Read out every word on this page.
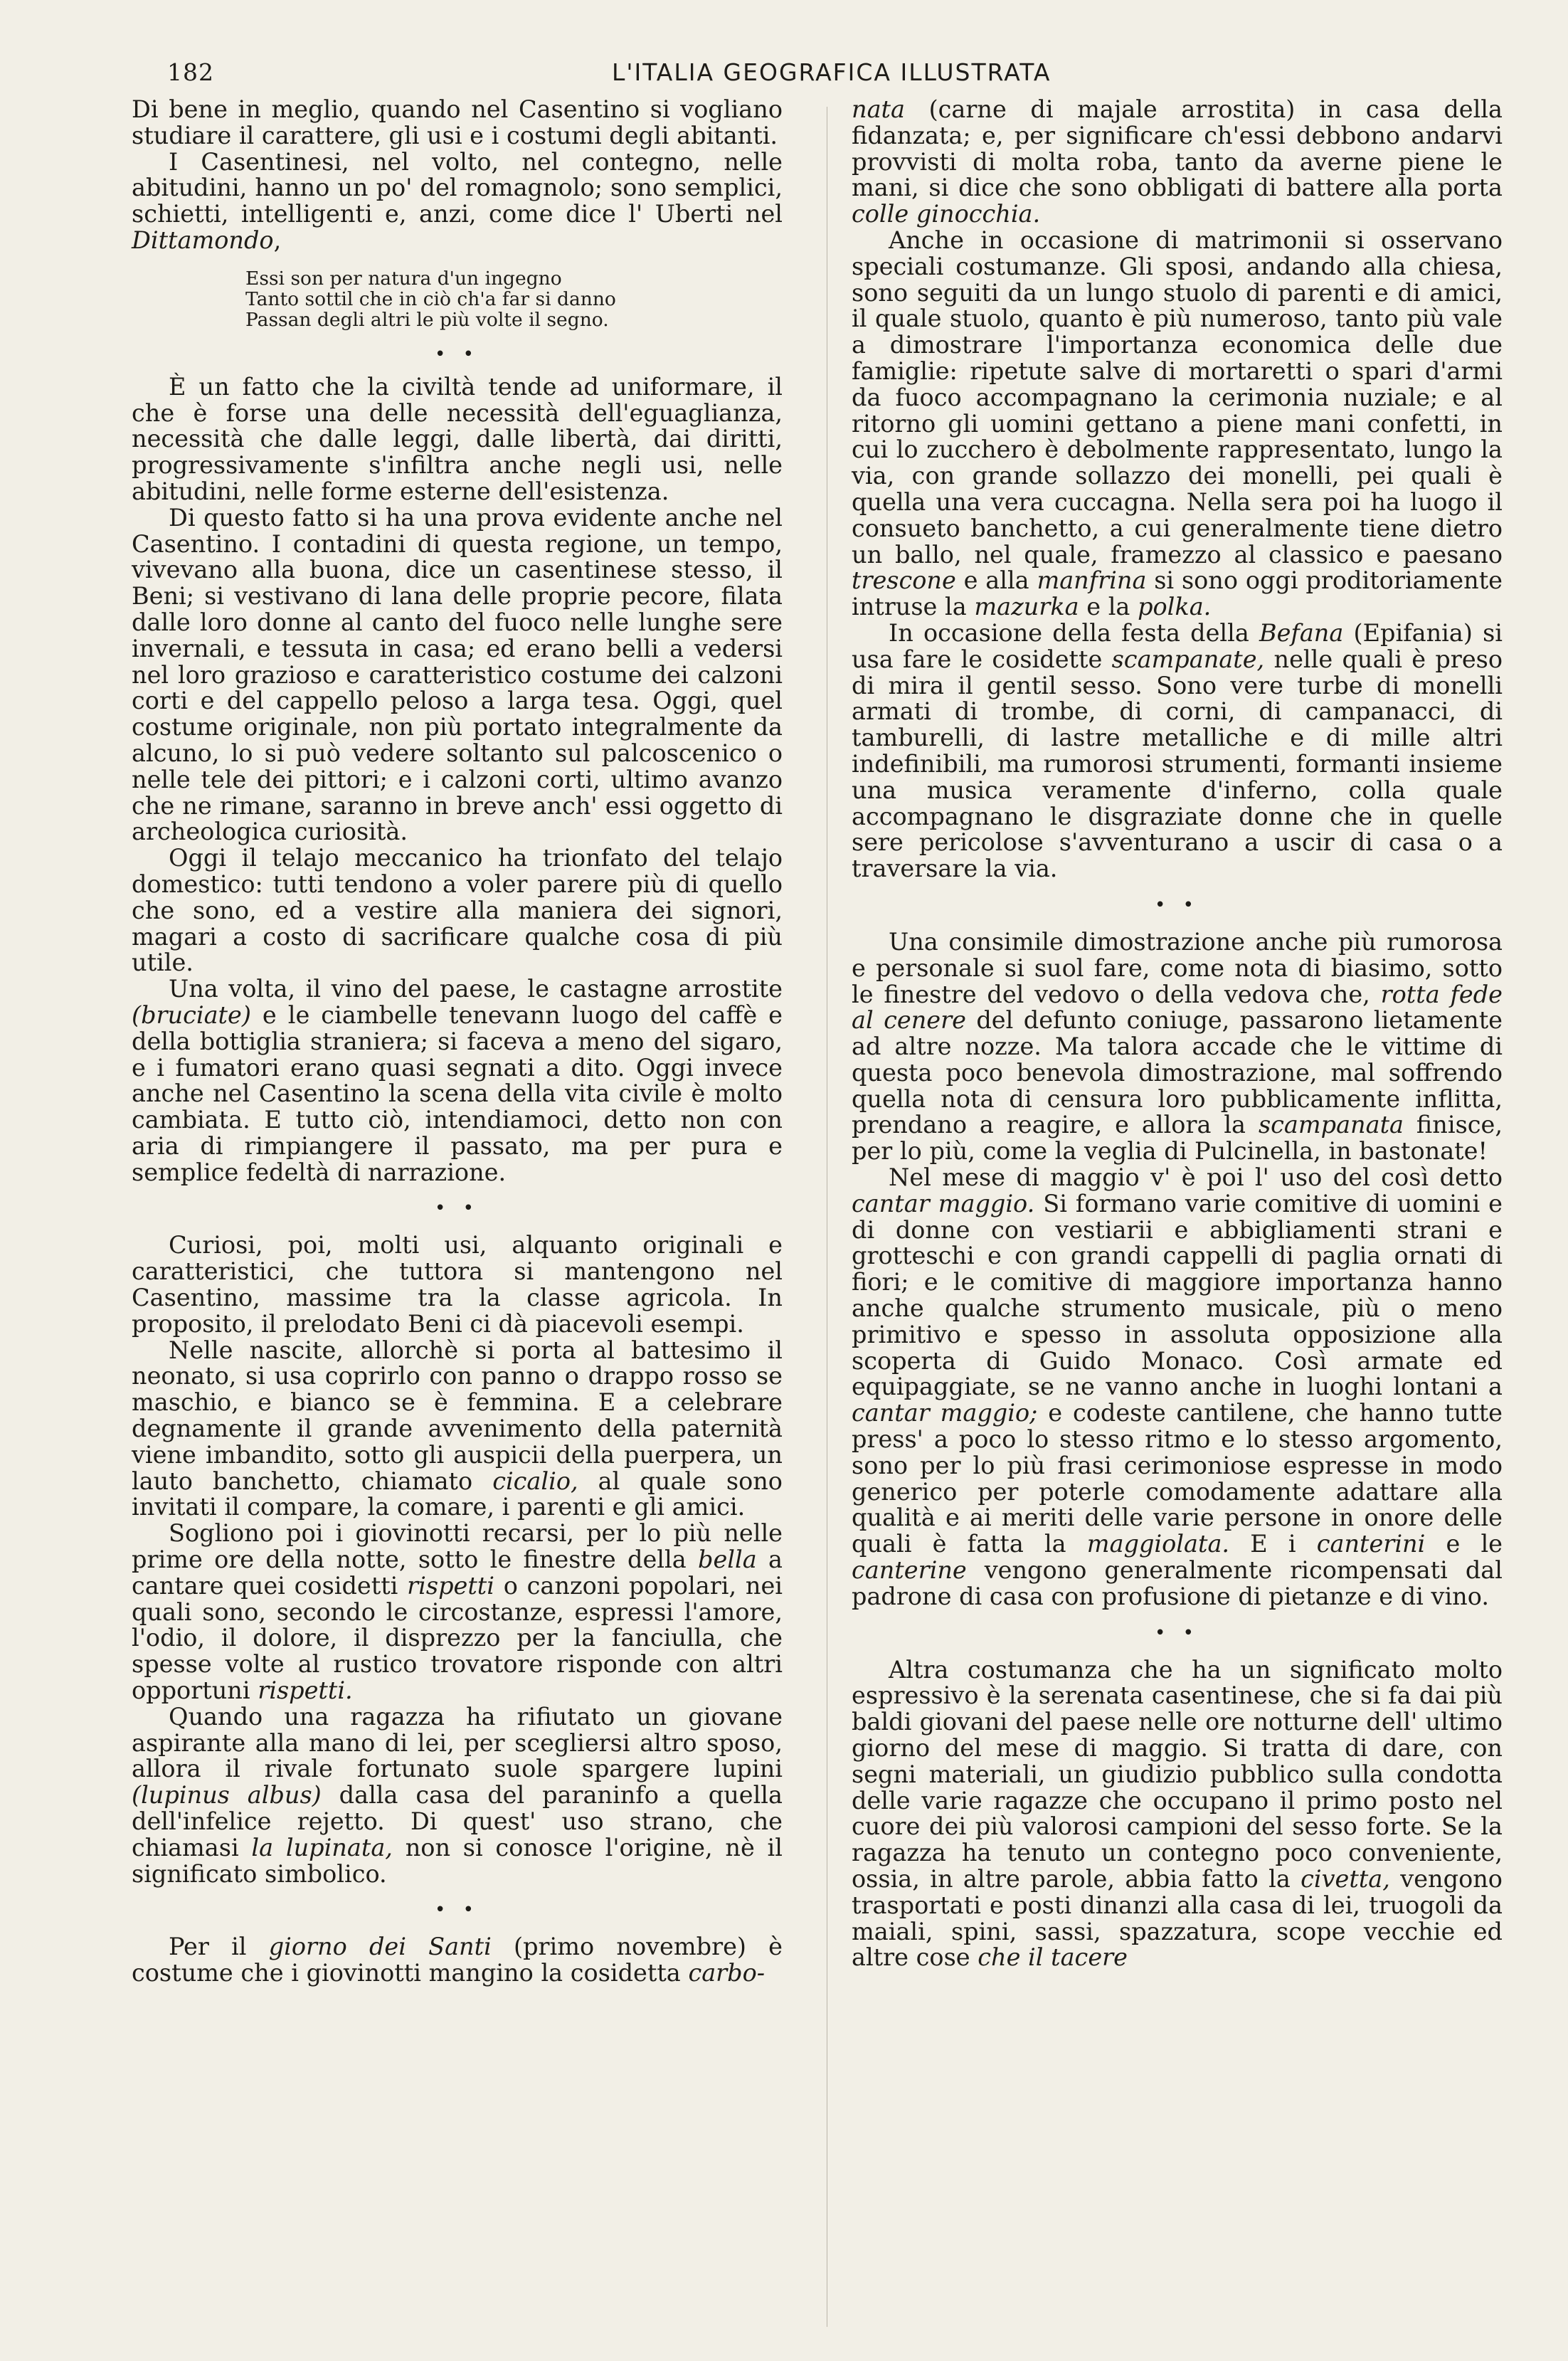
182	L'ITALIA GEOGRAFICA ILLUSTRATA

Di bene in meglio, quando nel Casentino si vogliano studiare il carattere, gli usi e i costumi degli abitanti.

I Casentinesi, nel volto, nel contegno, nelle abitudini, hanno un po' del romagnolo; sono semplici, schietti, intelligenti e, anzi, come dice l' Uberti nel Dittamondo,

Essi son per natura d'un ingegno
Tanto sottil che in ciò ch'a far si danno
Passan degli altri le più volte il segno.
• •

È un fatto che la civiltà tende ad uniformare, il che è forse una delle necessità dell'eguaglianza, necessità che dalle leggi, dalle libertà, dai diritti, progressivamente s'infiltra anche negli usi, nelle abitudini, nelle forme esterne dell'esistenza.

Di questo fatto si ha una prova evidente anche nel Casentino. I contadini di questa regione, un tempo, vivevano alla buona, dice un casentinese stesso, il Beni; si vestivano di lana delle proprie pecore, filata dalle loro donne al canto del fuoco nelle lunghe sere invernali, e tessuta in casa; ed erano belli a vedersi nel loro grazioso e caratteristico costume dei calzoni corti e del cappello peloso a larga tesa. Oggi, quel costume originale, non più portato integralmente da alcuno, lo si può vedere soltanto sul palcoscenico o nelle tele dei pittori; e i calzoni corti, ultimo avanzo che ne rimane, saranno in breve anch' essi oggetto di archeologica curiosità.

Oggi il telajo meccanico ha trionfato del telajo domestico: tutti tendono a voler parere più di quello che sono, ed a vestire alla maniera dei signori, magari a costo di sacrificare qualche cosa di più utile.

Una volta, il vino del paese, le castagne arrostite (bruciate) e le ciambelle tenevann luogo del caffè e della bottiglia straniera; si faceva a meno del sigaro, e i fumatori erano quasi segnati a dito. Oggi invece anche nel Casentino la scena della vita civile è molto cambiata. E tutto ciò, intendiamoci, detto non con aria di rimpiangere il passato, ma per pura e semplice fedeltà di narrazione.

• •

Curiosi, poi, molti usi, alquanto originali e caratteristici, che tuttora si mantengono nel Casentino, massime tra la classe agricola. In proposito, il prelodato Beni ci dà piacevoli esempi.

Nelle nascite, allorchè si porta al battesimo il neonato, si usa coprirlo con panno o drappo rosso se maschio, e bianco se è femmina. E a celebrare degnamente il grande avvenimento della paternità viene imbandito, sotto gli auspicii della puerpera, un lauto banchetto, chiamato cicalio, al quale sono invitati il compare, la comare, i parenti e gli amici.

Sogliono poi i giovinotti recarsi, per lo più nelle prime ore della notte, sotto le finestre della bella a cantare quei cosidetti rispetti o canzoni popolari, nei quali sono, secondo le circostanze, espressi l'amore, l'odio, il dolore, il disprezzo per la fanciulla, che spesse volte al rustico trovatore risponde con altri opportuni rispetti.

Quando una ragazza ha rifiutato un giovane aspirante alla mano di lei, per scegliersi altro sposo, allora il rivale fortunato suole spargere lupini (lupinus albus) dalla casa del paraninfo a quella dell'infelice rejetto. Di quest' uso strano, che chiamasi la lupinata, non si conosce l'origine, nè il significato simbolico.

• •

Per il giorno dei Santi (primo novembre) è costume che i giovinotti mangino la cosidetta carbo-

nata (carne di majale arrostita) in casa della fidanzata; e, per significare ch'essi debbono andarvi provvisti di molta roba, tanto da averne piene le mani, si dice che sono obbligati di battere alla porta colle ginocchia.

Anche in occasione di matrimonii si osservano speciali costumanze. Gli sposi, andando alla chiesa, sono seguiti da un lungo stuolo di parenti e di amici, il quale stuolo, quanto è più numeroso, tanto più vale a dimostrare l'importanza economica delle due famiglie: ripetute salve di mortaretti o spari d'armi da fuoco accompagnano la cerimonia nuziale; e al ritorno gli uomini gettano a piene mani confetti, in cui lo zucchero è debolmente rappresentato, lungo la via, con grande sollazzo dei monelli, pei quali è quella una vera cuccagna. Nella sera poi ha luogo il consueto banchetto, a cui generalmente tiene dietro un ballo, nel quale, framezzo al classico e paesano trescone e alla manfrina si sono oggi proditoriamente intruse la mazurka e la polka.

In occasione della festa della Befana (Epifania) si usa fare le cosidette scampanate, nelle quali è preso di mira il gentil sesso. Sono vere turbe di monelli armati di trombe, di corni, di campanacci, di tamburelli, di lastre metalliche e di mille altri indefinibili, ma rumorosi strumenti, formanti insieme una musica veramente d'inferno, colla quale accompagnano le disgraziate donne che in quelle sere pericolose s'avventurano a uscir di casa o a traversare la via.

• •

Una consimile dimostrazione anche più rumorosa e personale si suol fare, come nota di biasimo, sotto le finestre del vedovo o della vedova che, rotta fede al cenere del defunto coniuge, passarono lietamente ad altre nozze. Ma talora accade che le vittime di questa poco benevola dimostrazione, mal soffrendo quella nota di censura loro pubblicamente inflitta, prendano a reagire, e allora la scampanata finisce, per lo più, come la veglia di Pulcinella, in bastonate!

Nel mese di maggio v' è poi l' uso del così detto cantar maggio. Si formano varie comitive di uomini e di donne con vestiarii e abbigliamenti strani e grotteschi e con grandi cappelli di paglia ornati di fiori; e le comitive di maggiore importanza hanno anche qualche strumento musicale, più o meno primitivo e spesso in assoluta opposizione alla scoperta di Guido Monaco. Così armate ed equipaggiate, se ne vanno anche in luoghi lontani a cantar maggio; e codeste cantilene, che hanno tutte press' a poco lo stesso ritmo e lo stesso argomento, sono per lo più frasi cerimoniose espresse in modo generico per poterle comodamente adattare alla qualità e ai meriti delle varie persone in onore delle quali è fatta la maggiolata. E i canterini e le canterine vengono generalmente ricompensati dal padrone di casa con profusione di pietanze e di vino.

• •

Altra costumanza che ha un significato molto espressivo è la serenata casentinese, che si fa dai più baldi giovani del paese nelle ore notturne dell' ultimo giorno del mese di maggio. Si tratta di dare, con segni materiali, un giudizio pubblico sulla condotta delle varie ragazze che occupano il primo posto nel cuore dei più valorosi campioni del sesso forte. Se la ragazza ha tenuto un contegno poco conveniente, ossia, in altre parole, abbia fatto la civetta, vengono trasportati e posti dinanzi alla casa di lei, truogoli da maiali, spini, sassi, spazzatura, scope vecchie ed altre cose che il tacere
